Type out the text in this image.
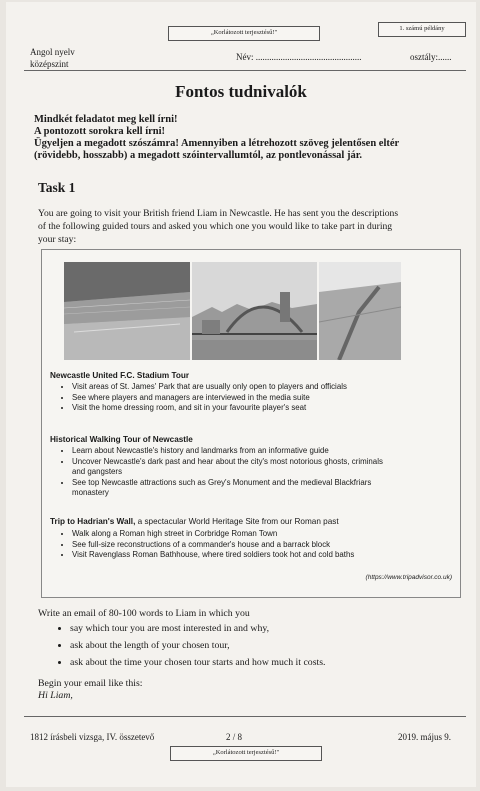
„Korlátozott terjesztésű!"
1. számú példány
Angol nyelv
középszint
Név: ...............................................	osztály:......
Fontos tudnivalók
Mindkét feladatot meg kell írni!
A pontozott sorokra kell írni!
Ügyeljen a megadott szószámra! Amennyiben a létrehozott szöveg jelentősen eltér
(rövidebb, hosszabb) a megadott szóintervallumtól, az pontlevonással jár.
Task 1
You are going to visit your British friend Liam in Newcastle. He has sent you the descriptions
of the following guided tours and asked you which one you would like to take part in during
your stay:
Newcastle United F.C. Stadium Tour
• Visit areas of St. James' Park that are usually only open to players and officials
• See where players and managers are interviewed in the media suite
• Visit the home dressing room, and sit in your favourite player's seat
Historical Walking Tour of Newcastle
• Learn about Newcastle's history and landmarks from an informative guide
• Uncover Newcastle's dark past and hear about the city's most notorious ghosts, criminals
and gangsters
• See top Newcastle attractions such as Grey's Monument and the medieval Blackfriars
monastery
Trip to Hadrian's Wall, a spectacular World Heritage Site from our Roman past
• Walk along a Roman high street in Corbridge Roman Town
• See full-size reconstructions of a commander's house and a barrack block
• Visit Ravenglass Roman Bathhouse, where tired soldiers took hot and cold baths
(https://www.tripadvisor.co.uk)
Write an email of 80-100 words to Liam in which you
• say which tour you are most interested in and why,
• ask about the length of your chosen tour,
• ask about the time your chosen tour starts and how much it costs.
Begin your email like this:
Hi Liam,
1812 írásbeli vizsga, IV. összetevő	2 / 8	2019. május 9.
„Korlátozott terjesztésű!"
